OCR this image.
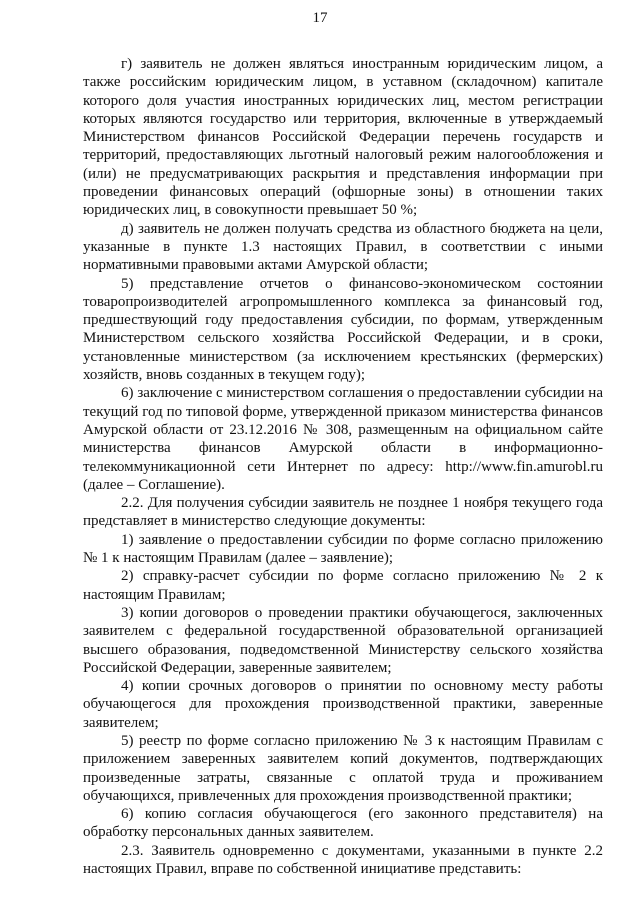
17

г) заявитель не должен являться иностранным юридическим лицом, а также российским юридическим лицом, в уставном (складочном) капитале которого доля участия иностранных юридических лиц, местом регистрации которых являются государство или территория, включенные в утверждаемый Министерством финансов Российской Федерации перечень государств и территорий, предоставляющих льготный налоговый режим налогообложения и (или) не предусматривающих раскрытия и представления информации при проведении финансовых операций (офшорные зоны) в отношении таких юридических лиц, в совокупности превышает 50 %;

д) заявитель не должен получать средства из областного бюджета на цели, указанные в пункте 1.3 настоящих Правил, в соответствии с иными нормативными правовыми актами Амурской области;

5) представление отчетов о финансово-экономическом состоянии товаропроизводителей агропромышленного комплекса за финансовый год, предшествующий году предоставления субсидии, по формам, утвержденным Министерством сельского хозяйства Российской Федерации, и в сроки, установленные министерством (за исключением крестьянских (фермерских) хозяйств, вновь созданных в текущем году);

6) заключение с министерством соглашения о предоставлении субсидии на текущий год по типовой форме, утвержденной приказом министерства финансов Амурской области от 23.12.2016 № 308, размещенным на официальном сайте министерства финансов Амурской области в информационно-телекоммуникационной сети Интернет по адресу: http://www.fin.amurobl.ru (далее – Соглашение).

2.2. Для получения субсидии заявитель не позднее 1 ноября текущего года представляет в министерство следующие документы:

1) заявление о предоставлении субсидии по форме согласно приложению № 1 к настоящим Правилам (далее – заявление);

2) справку-расчет субсидии по форме согласно приложению № 2 к настоящим Правилам;

3) копии договоров о проведении практики обучающегося, заключенных заявителем с федеральной государственной образовательной организацией высшего образования, подведомственной Министерству сельского хозяйства Российской Федерации, заверенные заявителем;

4) копии срочных договоров о принятии по основному месту работы обучающегося для прохождения производственной практики, заверенные заявителем;

5) реестр по форме согласно приложению № 3 к настоящим Правилам с приложением заверенных заявителем копий документов, подтверждающих произведенные затраты, связанные с оплатой труда и проживанием обучающихся, привлеченных для прохождения производственной практики;

6) копию согласия обучающегося (его законного представителя) на обработку персональных данных заявителем.

2.3. Заявитель одновременно с документами, указанными в пункте 2.2 настоящих Правил, вправе по собственной инициативе представить:
